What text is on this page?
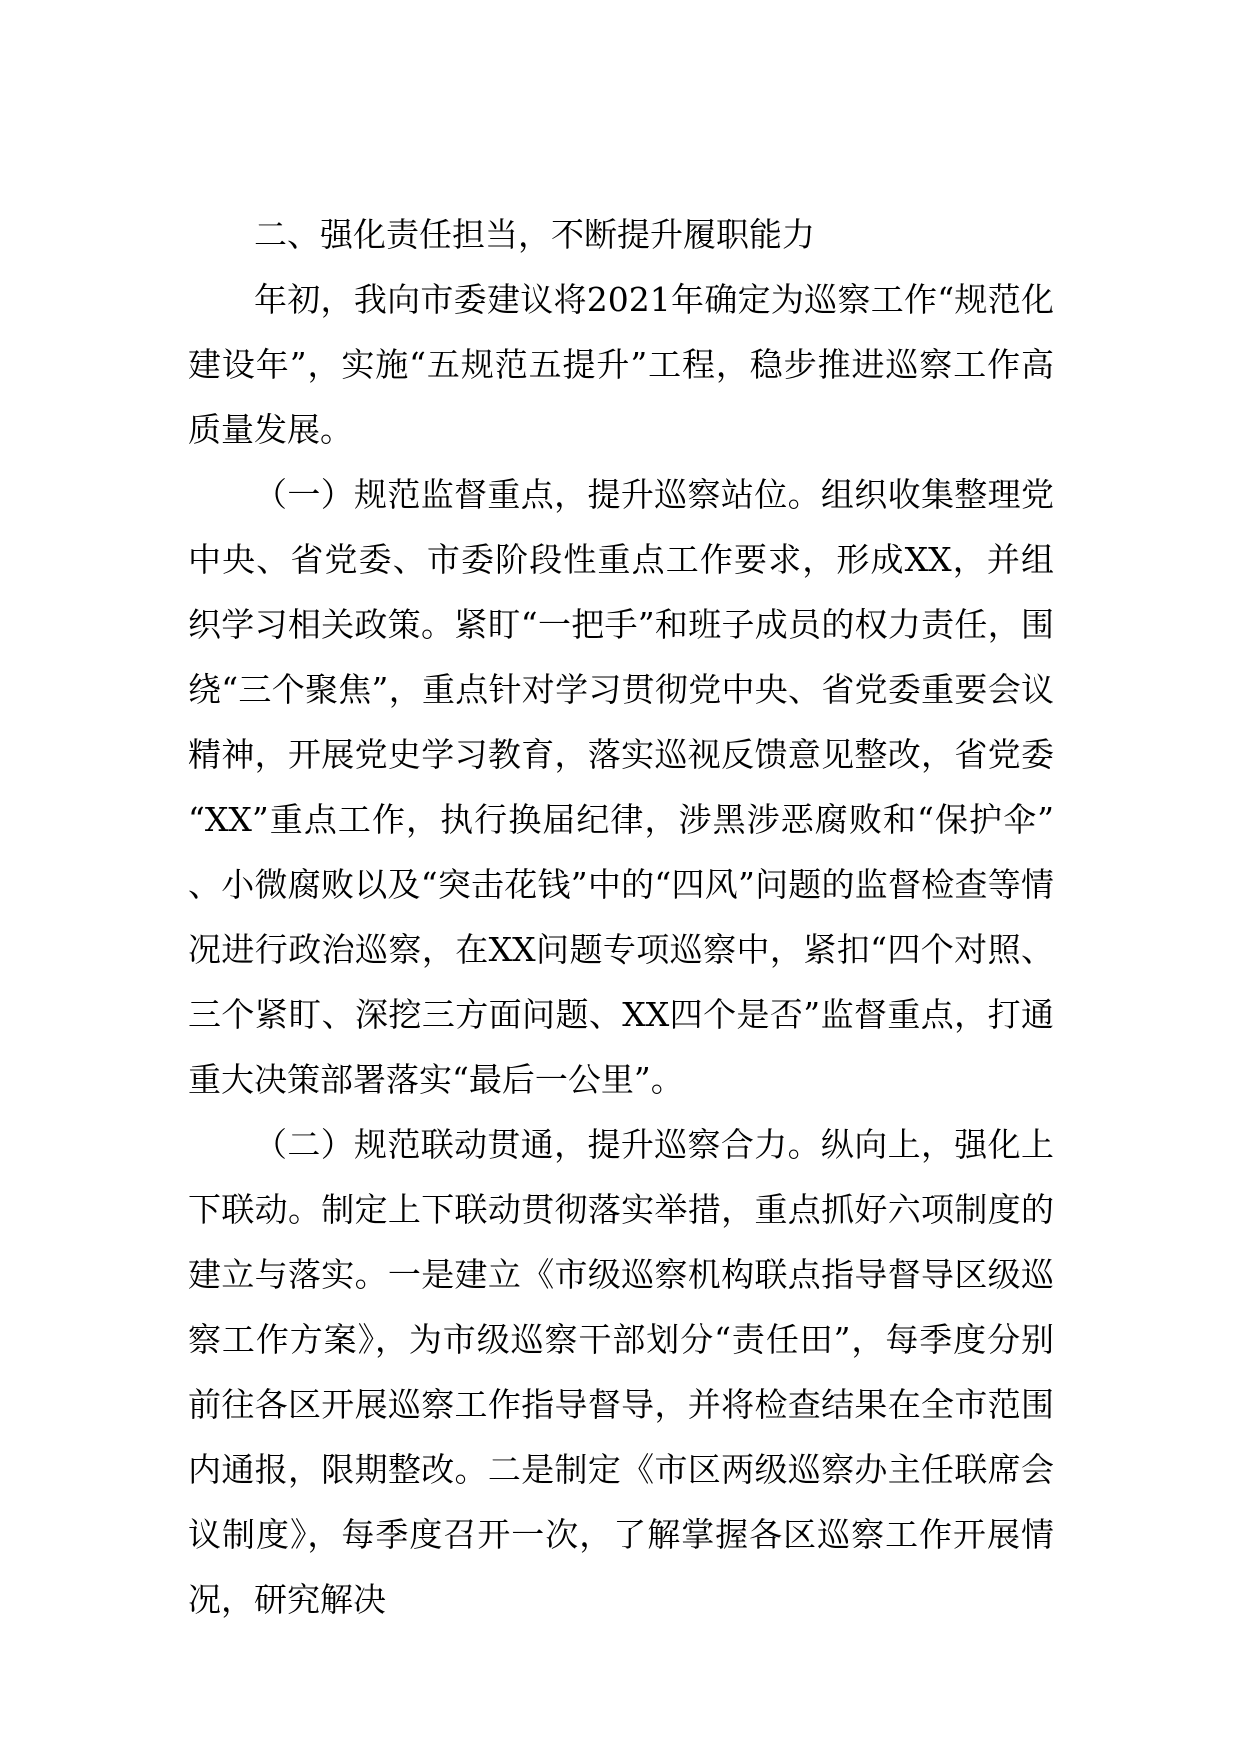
二、强化责任担当，不断提升履职能力

年初，我向市委建议将2021年确定为巡察工作“规范化建设年”，实施“五规范五提升”工程，稳步推进巡察工作高质量发展。

（一）规范监督重点，提升巡察站位。组织收集整理党中央、省党委、市委阶段性重点工作要求，形成XX，并组织学习相关政策。紧盯“一把手”和班子成员的权力责任，围绕“三个聚焦”，重点针对学习贯彻党中央、省党委重要会议精神，开展党史学习教育，落实巡视反馈意见整改，省党委“XX”重点工作，执行换届纪律，涉黑涉恶腐败和“保护伞”、小微腐败以及“突击花钱”中的“四风”问题的监督检查等情况进行政治巡察，在XX问题专项巡察中，紧扣“四个对照、三个紧盯、深挖三方面问题、XX四个是否”监督重点，打通重大决策部署落实“最后一公里”。

（二）规范联动贯通，提升巡察合力。纵向上，强化上下联动。制定上下联动贯彻落实举措，重点抓好六项制度的建立与落实。一是建立《市级巡察机构联点指导督导区级巡察工作方案》，为市级巡察干部划分“责任田”，每季度分别前往各区开展巡察工作指导督导，并将检查结果在全市范围内通报，限期整改。二是制定《市区两级巡察办主任联席会议制度》，每季度召开一次，了解掌握各区巡察工作开展情况，研究解决
